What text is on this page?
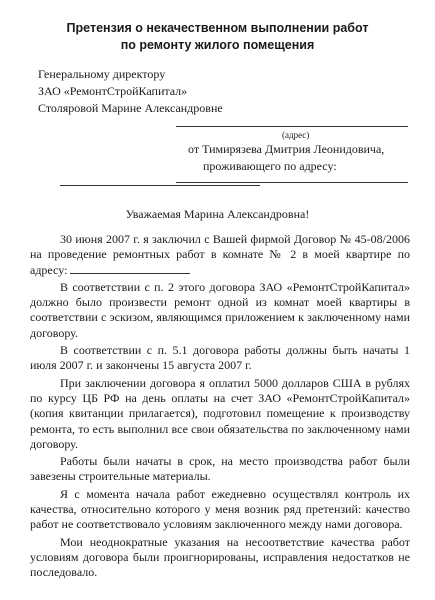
Претензия о некачественном выполнении работ
по ремонту жилого помещения
Генеральному директору
ЗАО «РемонтСтройКапитал»
Столяровой Марине Александровне
(адрес)
от Тимирязева Дмитрия Леонидовича,
проживающего по адресу:
Уважаемая Марина Александровна!

30 июня 2007 г. я заключил с Вашей фирмой Договор № 45-08/2006 на проведение ремонтных работ в комнате № 2 в моей квартире по адресу:

В соответствии с п. 2 этого договора ЗАО «РемонтСтройКапитал» должно было произвести ремонт одной из комнат моей квартиры в соответствии с эскизом, являющимся приложением к заключенному нами договору.

В соответствии с п. 5.1 договора работы должны быть начаты 1 июля 2007 г. и закончены 15 августа 2007 г.

При заключении договора я оплатил 5000 долларов США в рублях по курсу ЦБ РФ на день оплаты на счет ЗАО «РемонтСтройКапитал» (копия квитанции прилагается), подготовил помещение к производству ремонта, то есть выполнил все свои обязательства по заключенному нами договору.

Работы были начаты в срок, на место производства работ были завезены строительные материалы.

Я с момента начала работ ежедневно осуществлял контроль их качества, относительно которого у меня возник ряд претензий: качество работ не соответствовало условиям заключенного между нами договора.

Мои неоднократные указания на несоответствие качества работ условиям договора были проигнорированы, исправления недостатков не последовало.
